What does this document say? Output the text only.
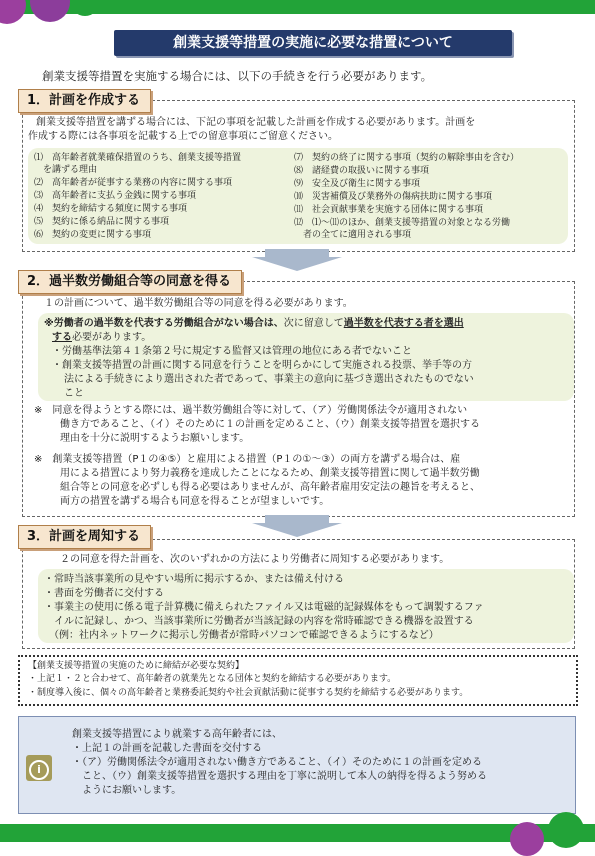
創業支援等措置の実施に必要な措置について
創業支援等措置を実施する場合には、以下の手続きを行う必要があります。
1．計画を作成する
創業支援等措置を講ずる場合には、下記の事項を記載した計画を作成する必要があります。計画を
作成する際には各事項を記載する上での留意事項にご留意ください。
⑴　高年齢者就業確保措置のうち、創業支援等措置
　を講ずる理由
⑵　高年齢者が従事する業務の内容に関する事項
⑶　高年齢者に支払う金銭に関する事項
⑷　契約を締結する頻度に関する事項
⑸　契約に係る納品に関する事項
⑹　契約の変更に関する事項
⑺　契約の終了に関する事項（契約の解除事由を含む）
⑻　諸経費の取扱いに関する事項
⑼　安全及び衛生に関する事項
⑽　災害補償及び業務外の傷病扶助に関する事項
⑾　社会貢献事業を実施する団体に関する事項
⑿　⑴～⑾のほか、創業支援等措置の対象となる労働
　者の全てに適用される事項
2．過半数労働組合等の同意を得る
１の計画について、過半数労働組合等の同意を得る必要があります。
※労働者の過半数を代表する労働組合がない場合は、次に留意して過半数を代表する者を選出
する必要があります。
・労働基準法第４１条第２号に規定する監督又は管理の地位にある者でないこと
・創業支援等措置の計画に関する同意を行うことを明らかにして実施される投票、挙手等の方
法による手続きにより選出された者であって、事業主の意向に基づき選出されたものでない
こと
※　同意を得ようとする際には、過半数労働組合等に対して、（ア）労働関係法令が適用されない
働き方であること、（イ）そのために１の計画を定めること、（ウ）創業支援等措置を選択する
理由を十分に説明するようお願いします。
※　創業支援等措置（P１の④⑤）と雇用による措置（P１の①～③）の両方を講ずる場合は、雇
用による措置により努力義務を達成したことになるため、創業支援等措置に関して過半数労働
組合等との同意を必ずしも得る必要はありませんが、高年齢者雇用安定法の趣旨を考えると、
両方の措置を講ずる場合も同意を得ることが望ましいです。
3．計画を周知する
２の同意を得た計画を、次のいずれかの方法により労働者に周知する必要があります。
・常時当該事業所の見やすい場所に掲示するか、または備え付ける
・書面を労働者に交付する
・事業主の使用に係る電子計算機に備えられたファイル又は電磁的記録媒体をもって調製するファ
　イルに記録し、かつ、当該事業所に労働者が当該記録の内容を常時確認できる機器を設置する
　（例：社内ネットワークに掲示し労働者が常時パソコンで確認できるようにするなど）
【創業支援等措置の実施のために締結が必要な契約】
・上記１・２と合わせて、高年齢者の就業先となる団体と契約を締結する必要があります。
・制度導入後に、個々の高年齢者と業務委託契約や社会貢献活動に従事する契約を締結する必要があります。
i
創業支援等措置により就業する高年齢者には、
・上記１の計画を記載した書面を交付する
・（ア）労働関係法令が適用されない働き方であること、（イ）そのために１の計画を定める
　こと、（ウ）創業支援等措置を選択する理由を丁寧に説明して本人の納得を得るよう努める
　ようにお願いします。
